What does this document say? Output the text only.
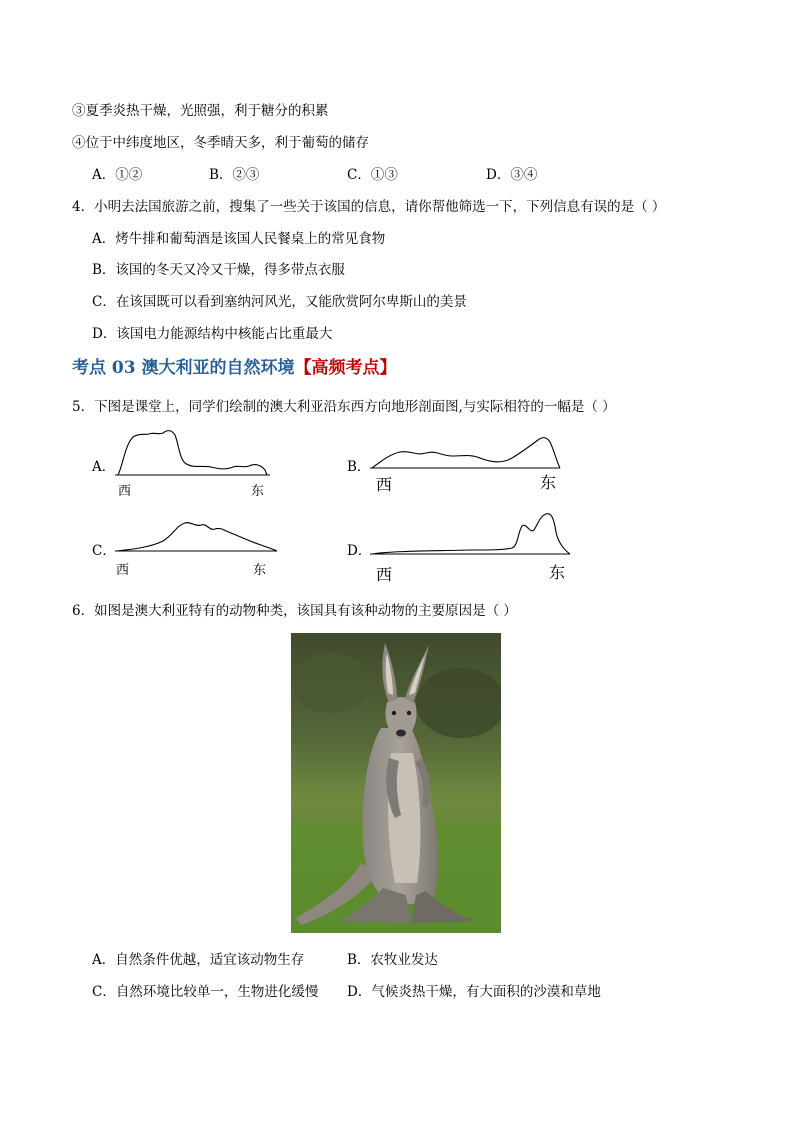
③夏季炎热干燥，光照强，利于糖分的积累
④位于中纬度地区，冬季晴天多，利于葡萄的储存
A．①②	B．②③	C．①③	D．③④
4．小明去法国旅游之前，搜集了一些关于该国的信息，请你帮他筛选一下，下列信息有误的是（ ）
A．烤牛排和葡萄酒是该国人民餐桌上的常见食物
B．该国的冬天又冷又干燥，得多带点衣服
C．在该国既可以看到塞纳河风光，又能欣赏阿尔卑斯山的美景
D．该国电力能源结构中核能占比重最大
考点 03 澳大利亚的自然环境【高频考点】
5．下图是课堂上，同学们绘制的澳大利亚沿东西方向地形剖面图,与实际相符的一幅是（ ）
A．
西	东
B．
西	东
C．
西	东
D．
西	东
6．如图是澳大利亚特有的动物种类，该国具有该种动物的主要原因是（ ）
A．自然条件优越，适宜该动物生存	B．农牧业发达
C．自然环境比较单一，生物进化缓慢 D．气候炎热干燥，有大面积的沙漠和草地
